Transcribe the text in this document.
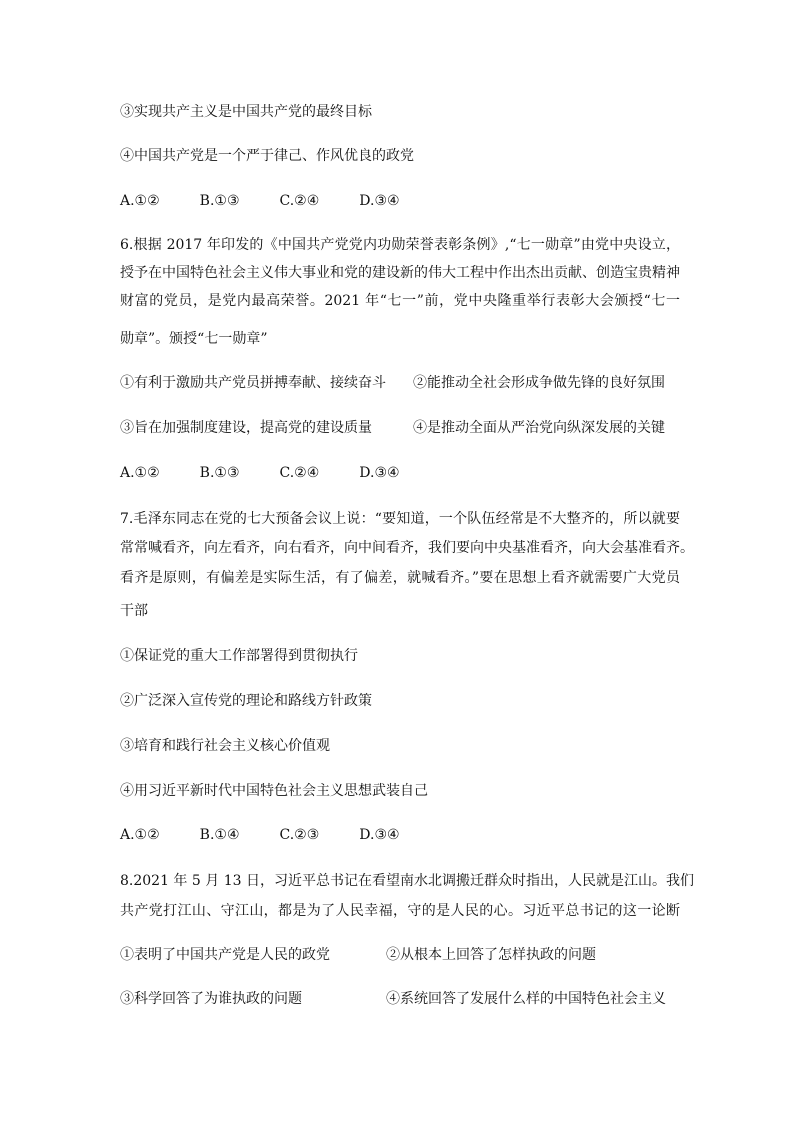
③实现共产主义是中国共产党的最终目标
④中国共产党是一个严于律己、作风优良的政党
A.①②	B.①③	C.②④	D.③④
6.根据 2017 年印发的《中国共产党党内功勋荣誉表彰条例》,“七一勋章”由党中央设立，
授予在中国特色社会主义伟大事业和党的建设新的伟大工程中作出杰出贡献、创造宝贵精神
财富的党员，是党内最高荣誉。2021 年“七一”前，党中央隆重举行表彰大会颁授“七一
勋章”。颁授“七一勋章”
①有利于激励共产党员拼搏奉献、接续奋斗 ②能推动全社会形成争做先锋的良好氛围
③旨在加强制度建设，提高党的建设质量	④是推动全面从严治党向纵深发展的关键
A.①②	B.①③	C.②④	D.③④
7.毛泽东同志在党的七大预备会议上说：“要知道，一个队伍经常是不大整齐的，所以就要
常常喊看齐，向左看齐，向右看齐，向中间看齐，我们要向中央基准看齐，向大会基准看齐。
看齐是原则，有偏差是实际生活，有了偏差，就喊看齐。”要在思想上看齐就需要广大党员
干部
①保证党的重大工作部署得到贯彻执行
②广泛深入宣传党的理论和路线方针政策
③培育和践行社会主义核心价值观
④用习近平新时代中国特色社会主义思想武装自己
A.①②	B.①④	C.②③	D.③④
8.2021 年 5 月 13 日，习近平总书记在看望南水北调搬迁群众时指出，人民就是江山。我们
共产党打江山、守江山，都是为了人民幸福，守的是人民的心。习近平总书记的这一论断
①表明了中国共产党是人民的政党	②从根本上回答了怎样执政的问题
③科学回答了为谁执政的问题	④系统回答了发展什么样的中国特色社会主义
